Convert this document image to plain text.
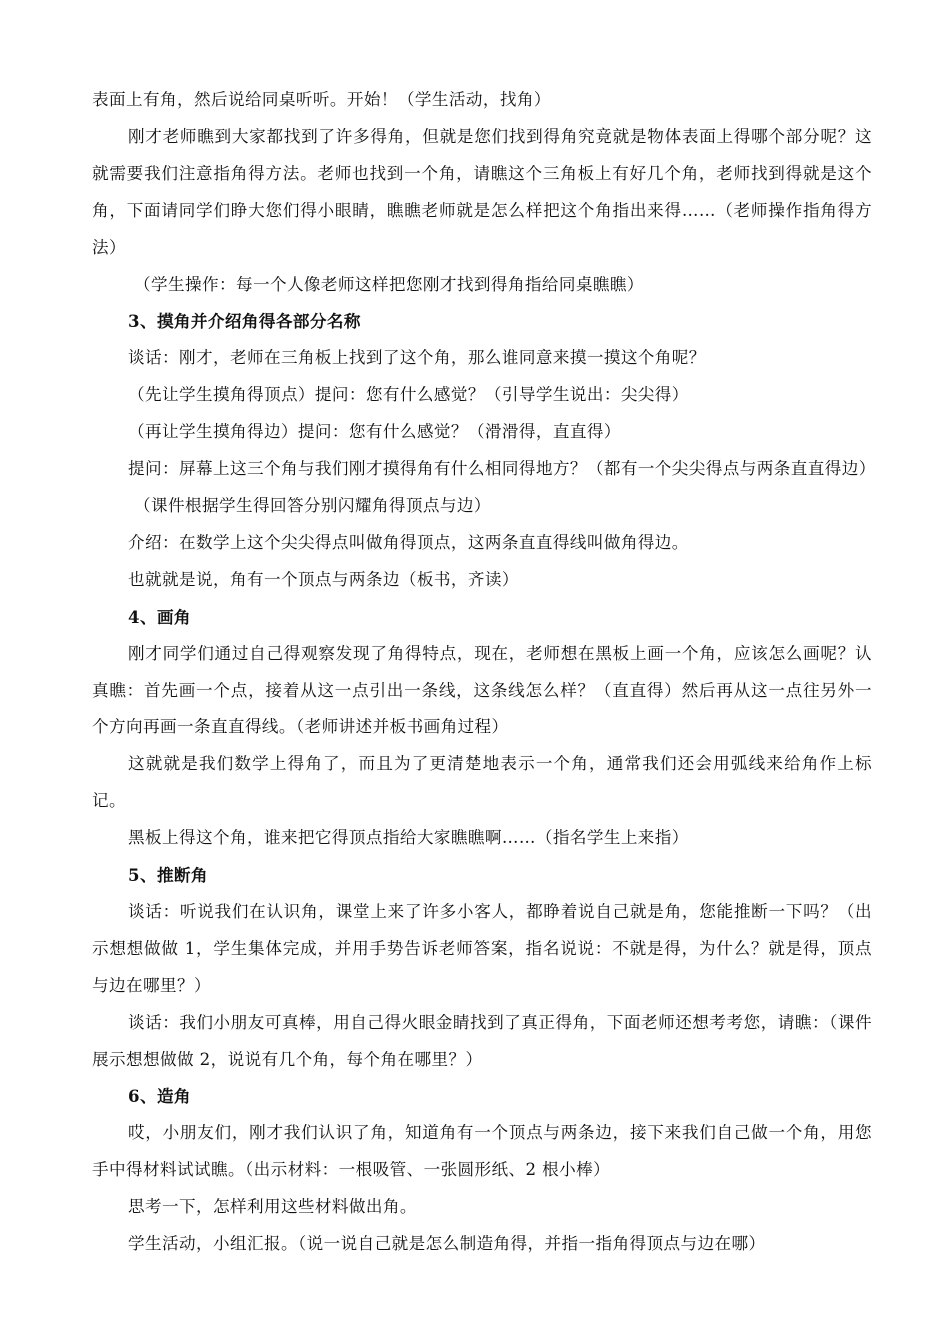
表面上有角，然后说给同桌听听。开始！（学生活动，找角）

刚才老师瞧到大家都找到了许多得角，但就是您们找到得角究竟就是物体表面上得哪个部分呢？这就需要我们注意指角得方法。老师也找到一个角，请瞧这个三角板上有好几个角，老师找到得就是这个角，下面请同学们睁大您们得小眼睛，瞧瞧老师就是怎么样把这个角指出来得……（老师操作指角得方法）

（学生操作：每一个人像老师这样把您刚才找到得角指给同桌瞧瞧）

3、摸角并介绍角得各部分名称

谈话：刚才，老师在三角板上找到了这个角，那么谁同意来摸一摸这个角呢？

（先让学生摸角得顶点）提问：您有什么感觉？（引导学生说出：尖尖得）

（再让学生摸角得边）提问：您有什么感觉？（滑滑得，直直得）

提问：屏幕上这三个角与我们刚才摸得角有什么相同得地方？（都有一个尖尖得点与两条直直得边）

（课件根据学生得回答分别闪耀角得顶点与边）

介绍：在数学上这个尖尖得点叫做角得顶点，这两条直直得线叫做角得边。

也就就是说，角有一个顶点与两条边（板书，齐读）

4、画角

刚才同学们通过自己得观察发现了角得特点，现在，老师想在黑板上画一个角，应该怎么画呢？认真瞧：首先画一个点，接着从这一点引出一条线，这条线怎么样？（直直得）然后再从这一点往另外一个方向再画一条直直得线。（老师讲述并板书画角过程）

这就就是我们数学上得角了，而且为了更清楚地表示一个角，通常我们还会用弧线来给角作上标记。

黑板上得这个角，谁来把它得顶点指给大家瞧瞧啊……（指名学生上来指）

5、推断角

谈话：听说我们在认识角，课堂上来了许多小客人，都睁着说自己就是角，您能推断一下吗？（出示想想做做 1，学生集体完成，并用手势告诉老师答案，指名说说：不就是得，为什么？就是得，顶点与边在哪里？）

谈话：我们小朋友可真棒，用自己得火眼金睛找到了真正得角，下面老师还想考考您，请瞧：（课件展示想想做做 2，说说有几个角，每个角在哪里？）

6、造角

哎，小朋友们，刚才我们认识了角，知道角有一个顶点与两条边，接下来我们自己做一个角，用您手中得材料试试瞧。（出示材料：一根吸管、一张圆形纸、2 根小棒）

思考一下，怎样利用这些材料做出角。

学生活动，小组汇报。（说一说自己就是怎么制造角得，并指一指角得顶点与边在哪）
